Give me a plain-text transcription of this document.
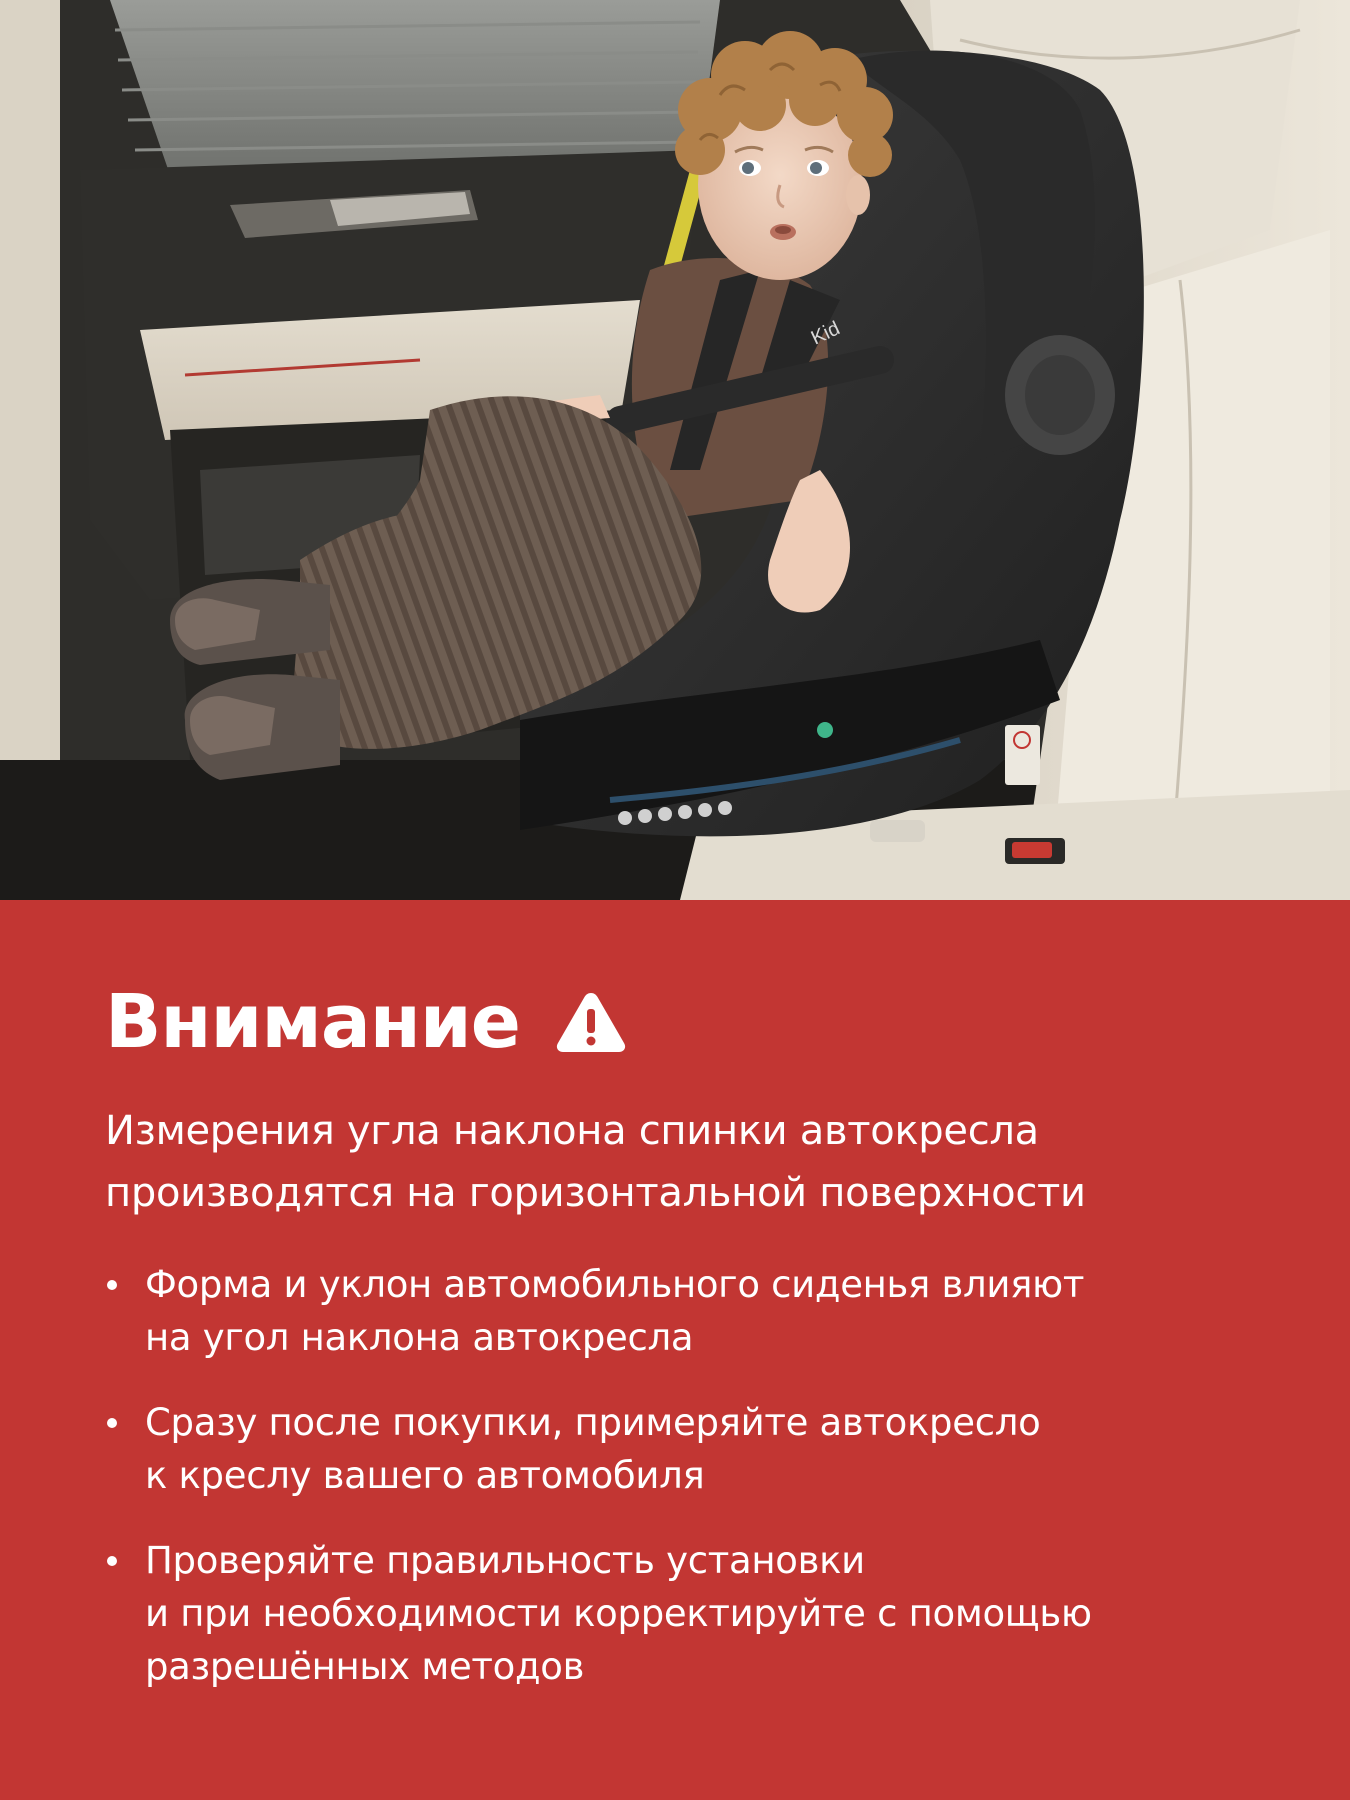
Kid
Внимание
Измерения угла наклона спинки автокресла
производятся на горизонтальной поверхности
Форма и уклон автомобильного сиденья влияют
на угол наклона автокресла
Сразу после покупки, примеряйте автокресло
к креслу вашего автомобиля
Проверяйте правильность установки
и при необходимости корректируйте с помощью
разрешённых методов
